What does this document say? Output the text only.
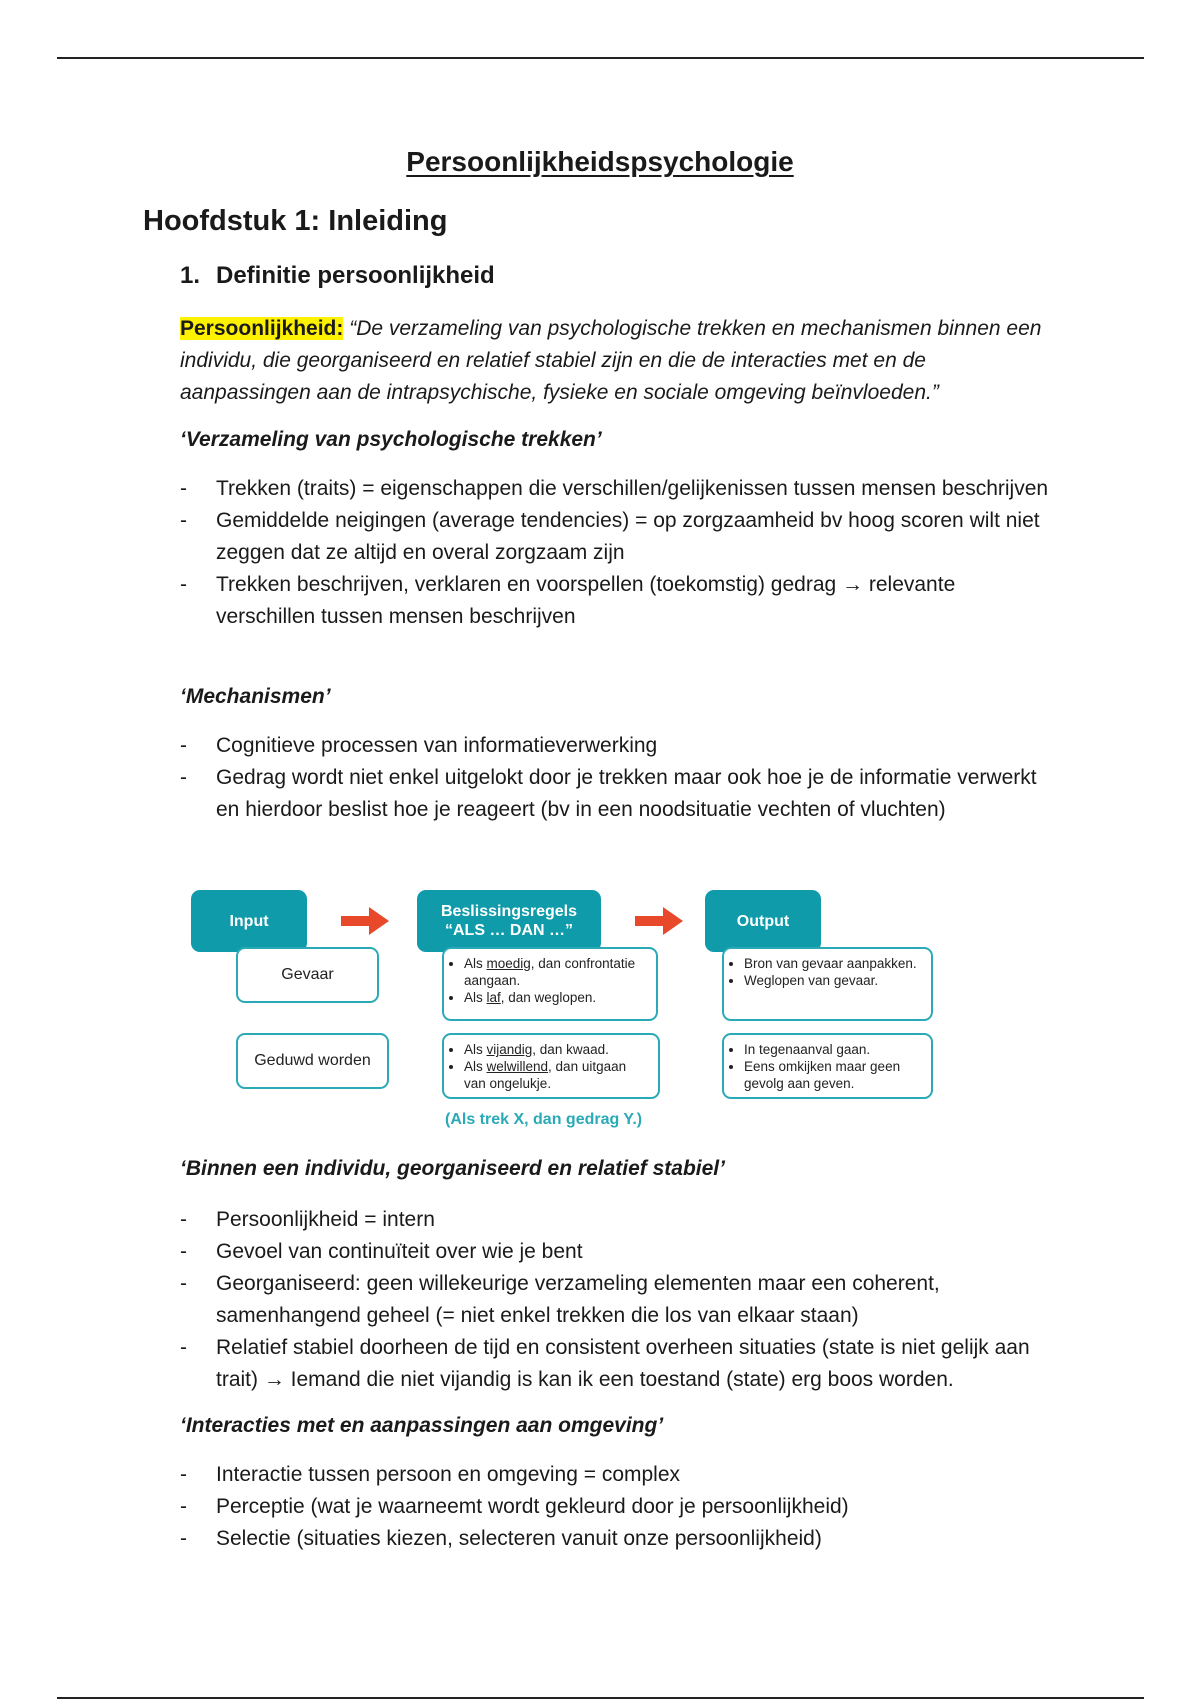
Persoonlijkheidspsychologie
Hoofdstuk 1: Inleiding
1. Definitie persoonlijkheid
Persoonlijkheid: “De verzameling van psychologische trekken en mechanismen binnen een individu, die georganiseerd en relatief stabiel zijn en die de interacties met en de aanpassingen aan de intrapsychische, fysieke en sociale omgeving beïnvloeden.”
‘Verzameling van psychologische trekken’
- Trekken (traits) = eigenschappen die verschillen/gelijkenissen tussen mensen beschrijven
- Gemiddelde neigingen (average tendencies) = op zorgzaamheid bv hoog scoren wilt niet zeggen dat ze altijd en overal zorgzaam zijn
- Trekken beschrijven, verklaren en voorspellen (toekomstig) gedrag → relevante verschillen tussen mensen beschrijven
‘Mechanismen’
- Cognitieve processen van informatieverwerking
- Gedrag wordt niet enkel uitgelokt door je trekken maar ook hoe je de informatie verwerkt en hierdoor beslist hoe je reageert (bv in een noodsituatie vechten of vluchten)
Input
Beslissingsregels
“ALS … DAN …”
Output
Gevaar
Geduwd worden
• Als moedig, dan confrontatie aangaan.
• Als laf, dan weglopen.
• Als vijandig, dan kwaad.
• Als welwillend, dan uitgaan van ongelukje.
• Bron van gevaar aanpakken.
• Weglopen van gevaar.
• In tegenaanval gaan.
• Eens omkijken maar geen gevolg aan geven.
(Als trek X, dan gedrag Y.)
‘Binnen een individu, georganiseerd en relatief stabiel’
- Persoonlijkheid = intern
- Gevoel van continuïteit over wie je bent
- Georganiseerd: geen willekeurige verzameling elementen maar een coherent, samenhangend geheel (= niet enkel trekken die los van elkaar staan)
- Relatief stabiel doorheen de tijd en consistent overheen situaties (state is niet gelijk aan trait) → Iemand die niet vijandig is kan ik een toestand (state) erg boos worden.
‘Interacties met en aanpassingen aan omgeving’
- Interactie tussen persoon en omgeving = complex
- Perceptie (wat je waarneemt wordt gekleurd door je persoonlijkheid)
- Selectie (situaties kiezen, selecteren vanuit onze persoonlijkheid)
